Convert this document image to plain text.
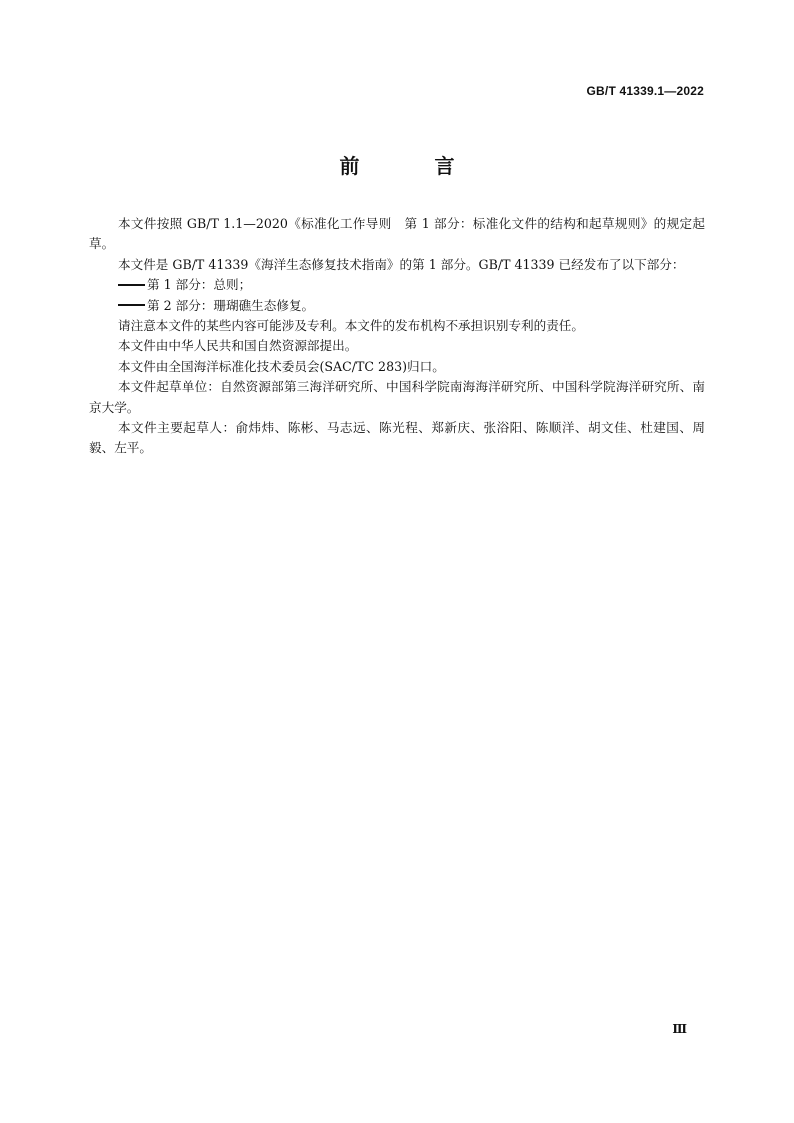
GB/T 41339.1—2022
前 言

本文件按照 GB/T 1.1—2020《标准化工作导则　第 1 部分：标准化文件的结构和起草规则》的规定起草。

本文件是 GB/T 41339《海洋生态修复技术指南》的第 1 部分。GB/T 41339 已经发布了以下部分：

第 1 部分：总则；

第 2 部分：珊瑚礁生态修复。

请注意本文件的某些内容可能涉及专利。本文件的发布机构不承担识别专利的责任。

本文件由中华人民共和国自然资源部提出。

本文件由全国海洋标准化技术委员会(SAC/TC 283)归口。

本文件起草单位：自然资源部第三海洋研究所、中国科学院南海海洋研究所、中国科学院海洋研究所、南京大学。

本文件主要起草人：俞炜炜、陈彬、马志远、陈光程、郑新庆、张浴阳、陈顺洋、胡文佳、杜建国、周毅、左平。

Ⅲ
